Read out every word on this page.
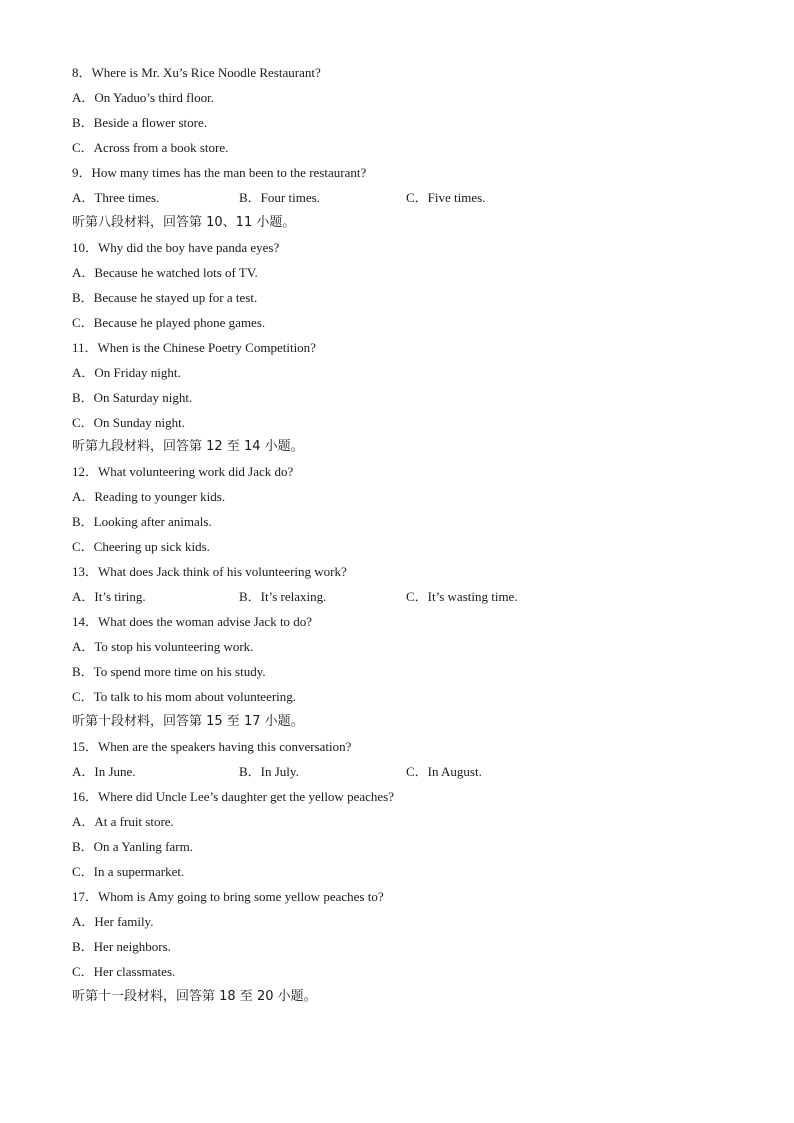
8．Where is Mr. Xu’s Rice Noodle Restaurant?
A．On Yaduo’s third floor.
B．Beside a flower store.
C．Across from a book store.
9．How many times has the man been to the restaurant?
A．Three times.	B．Four times.	C．Five times.
听第八段材料，回答第 10、11 小题。
10．Why did the boy have panda eyes?
A．Because he watched lots of TV.
B．Because he stayed up for a test.
C．Because he played phone games.
11．When is the Chinese Poetry Competition?
A．On Friday night.
B．On Saturday night.
C．On Sunday night.
听第九段材料，回答第 12 至 14 小题。
12．What volunteering work did Jack do?
A．Reading to younger kids.
B．Looking after animals.
C．Cheering up sick kids.
13．What does Jack think of his volunteering work?
A．It’s tiring.	B．It’s relaxing.	C．It’s wasting time.
14．What does the woman advise Jack to do?
A．To stop his volunteering work.
B．To spend more time on his study.
C．To talk to his mom about volunteering.
听第十段材料，回答第 15 至 17 小题。
15．When are the speakers having this conversation?
A．In June.	B．In July.	C．In August.
16．Where did Uncle Lee’s daughter get the yellow peaches?
A．At a fruit store.
B．On a Yanling farm.
C．In a supermarket.
17．Whom is Amy going to bring some yellow peaches to?
A．Her family.
B．Her neighbors.
C．Her classmates.
听第十一段材料，回答第 18 至 20 小题。
